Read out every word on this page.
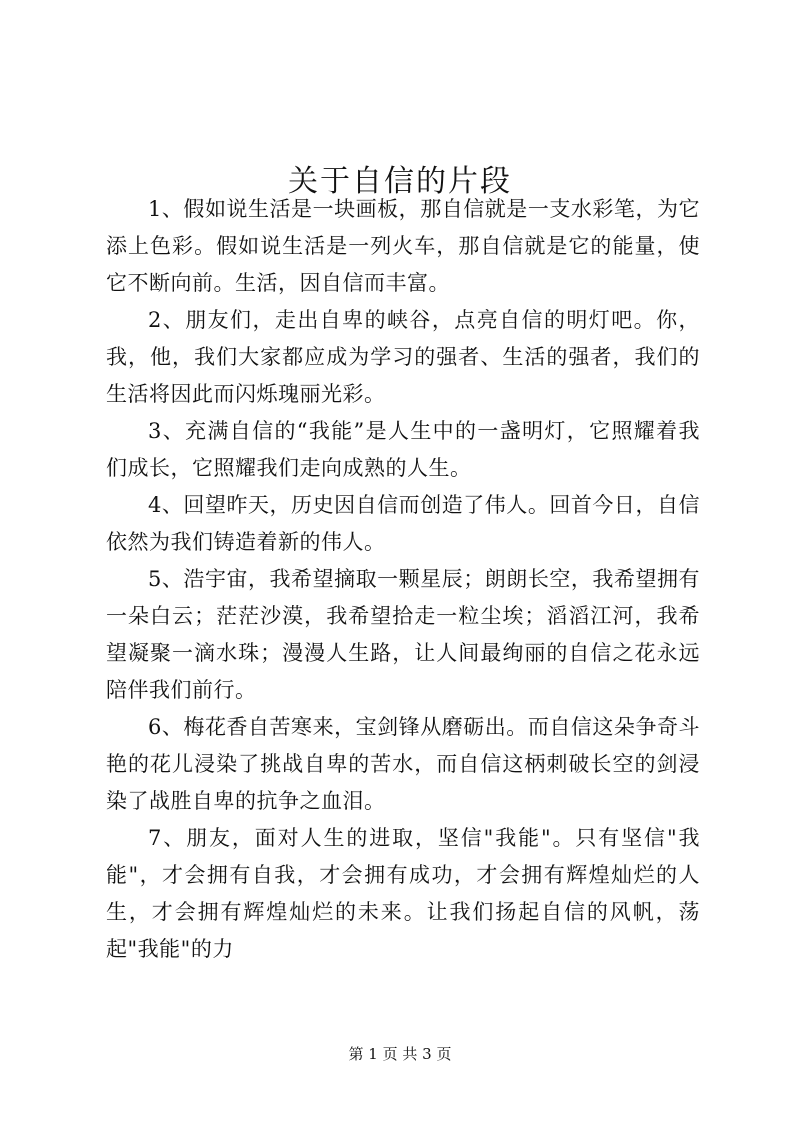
关于自信的片段

1、假如说生活是一块画板，那自信就是一支水彩笔，为它添上色彩。假如说生活是一列火车，那自信就是它的能量，使它不断向前。生活，因自信而丰富。

2、朋友们，走出自卑的峡谷，点亮自信的明灯吧。你，我，他，我们大家都应成为学习的强者、生活的强者，我们的生活将因此而闪烁瑰丽光彩。

3、充满自信的“我能”是人生中的一盏明灯，它照耀着我们成长，它照耀我们走向成熟的人生。

4、回望昨天，历史因自信而创造了伟人。回首今日，自信依然为我们铸造着新的伟人。

5、浩宇宙，我希望摘取一颗星辰；朗朗长空，我希望拥有一朵白云；茫茫沙漠，我希望拾走一粒尘埃；滔滔江河，我希望凝聚一滴水珠；漫漫人生路，让人间最绚丽的自信之花永远陪伴我们前行。

6、梅花香自苦寒来，宝剑锋从磨砺出。而自信这朵争奇斗艳的花儿浸染了挑战自卑的苦水，而自信这柄刺破长空的剑浸染了战胜自卑的抗争之血泪。

7、朋友，面对人生的进取，坚信"我能"。只有坚信"我能"，才会拥有自我，才会拥有成功，才会拥有辉煌灿烂的人生，才会拥有辉煌灿烂的未来。让我们扬起自信的风帆，荡起"我能"的力

第 1 页 共 3 页
